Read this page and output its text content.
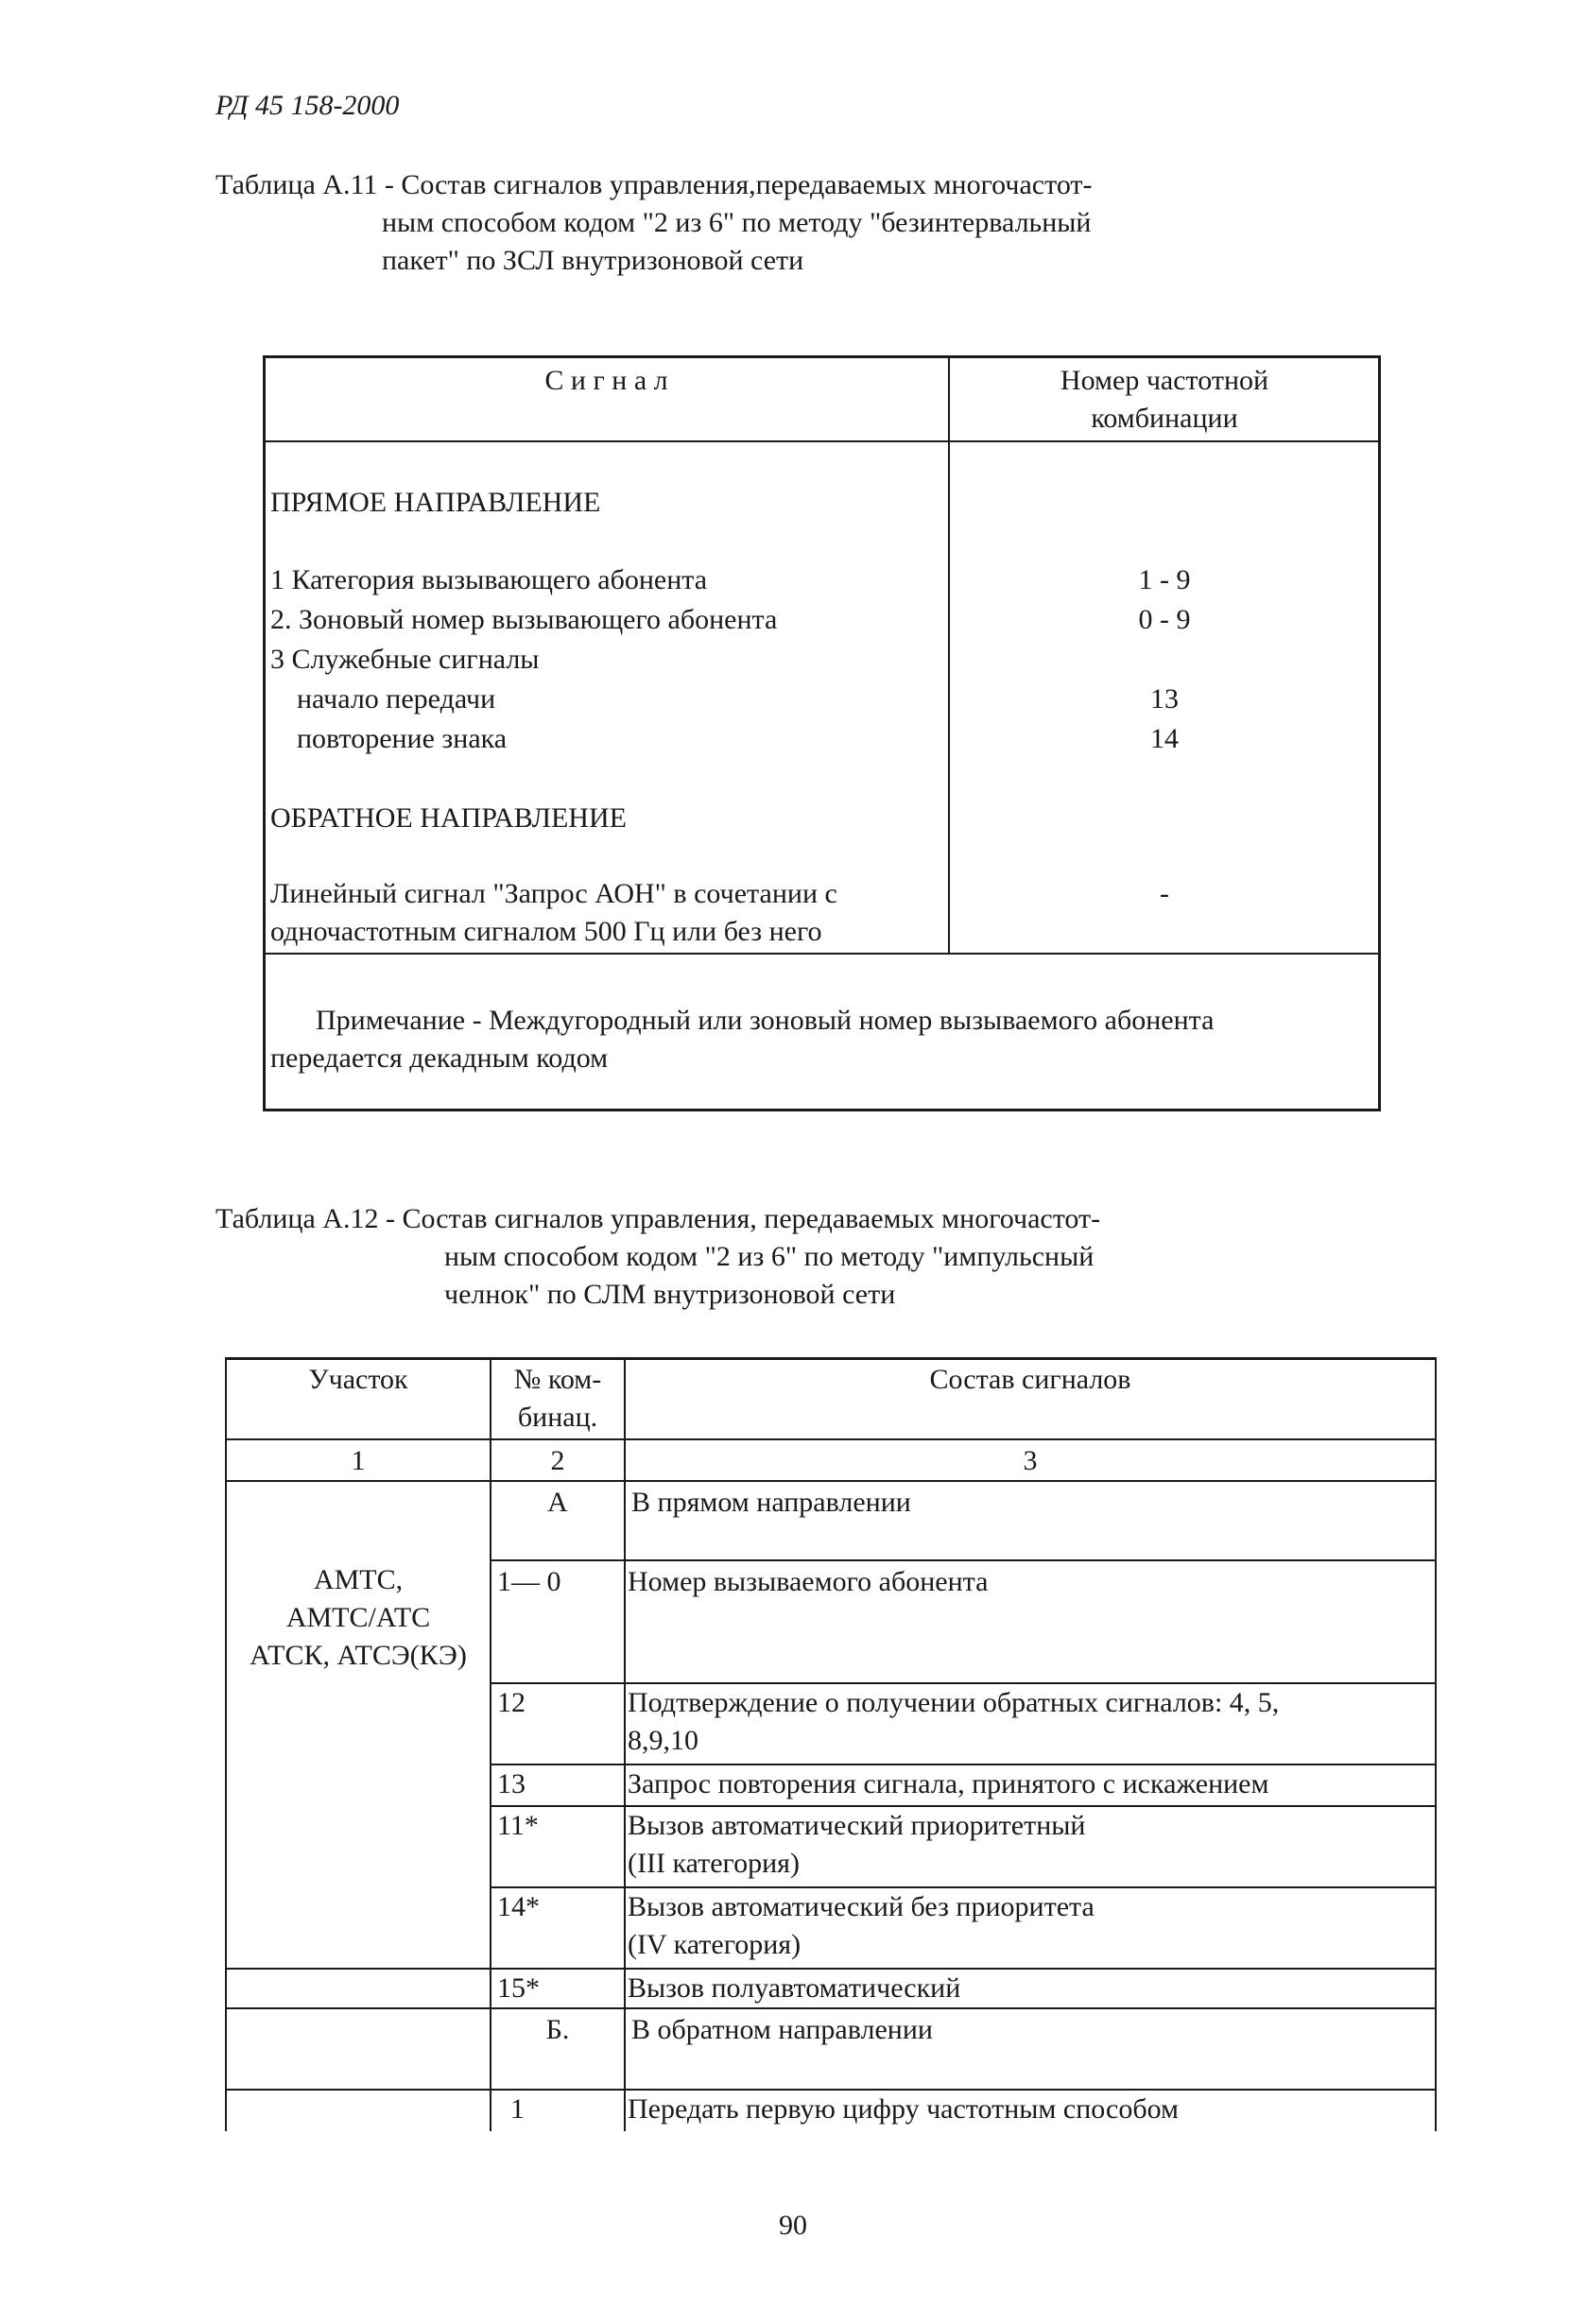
РД 45 158-2000
Таблица А.11 - Состав сигналов управления,передаваемых многочастот-
ным способом кодом "2 из 6" по методу "безинтервальный
пакет" по ЗСЛ внутризоновой сети
С и г н а л	Номер частотной
комбинации
ПРЯМОЕ НАПРАВЛЕНИЕ
1 Категория вызывающего абонента	1 - 9
2. Зоновый номер вызывающего абонента	0 - 9
3 Служебные сигналы
начало передачи	13
повторение знака	14
ОБРАТНОЕ НАПРАВЛЕНИЕ
Линейный сигнал "Запрос АОН" в сочетании с
одночастотным сигналом 500 Гц или без него
-
Примечание - Междугородный или зоновый номер вызываемого абонента
передается декадным кодом
Таблица А.12 - Состав сигналов управления, передаваемых многочастот-
ным способом кодом "2 из 6" по методу "импульсный
челнок" по СЛМ внутризоновой сети
Участок	№ ком-
бинац.
Состав сигналов
1	2	3
АМТС,
АМТС/АТС
АТСК, АТСЭ(КЭ)
А	В прямом направлении
1— 0 Номер вызываемого абонента
12	Подтверждение о получении обратных сигналов: 4, 5,
8,9,10
13	Запрос повторения сигнала, принятого с искажением
11*	Вызов автоматический приоритетный
(III категория)
14*	Вызов автоматический без приоритета
(IV категория)
15*	Вызов полуавтоматический
Б.	В обратном направлении
1	Передать первую цифру частотным способом
90
